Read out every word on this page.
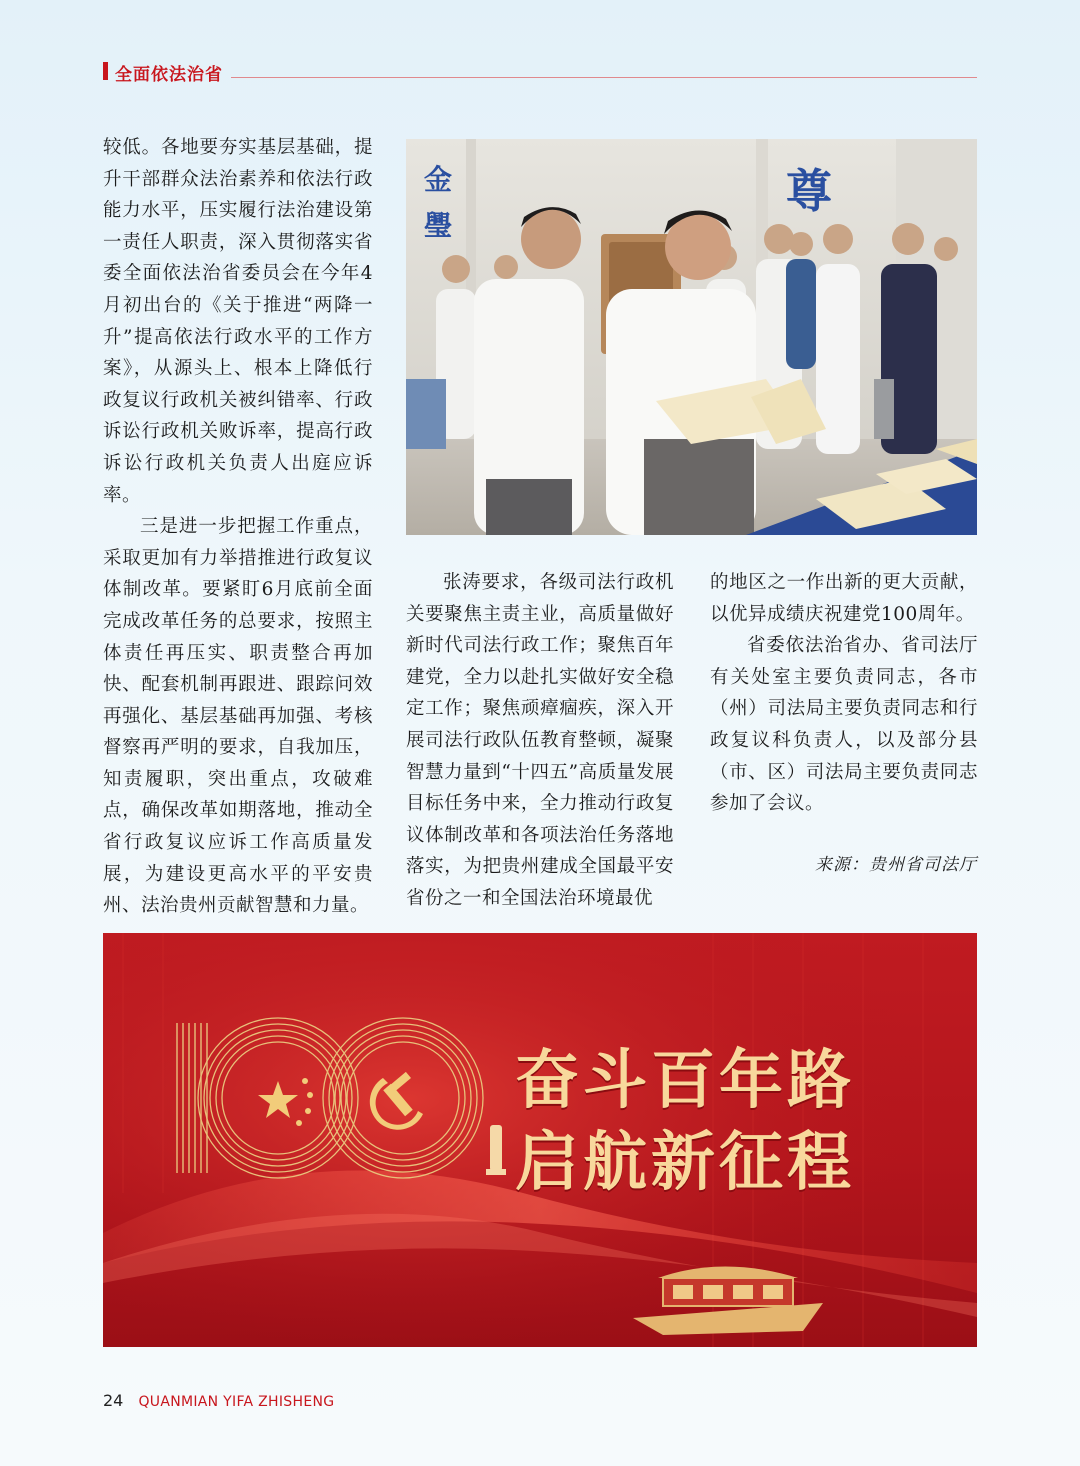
全面依法治省

较低。各地要夯实基层基础，提升干部群众法治素养和依法行政能力水平，压实履行法治建设第一责任人职责，深入贯彻落实省委全面依法治省委员会在今年4月初出台的《关于推进“两降一升”提高依法行政水平的工作方案》，从源头上、根本上降低行政复议行政机关被纠错率、行政诉讼行政机关败诉率，提高行政诉讼行政机关负责人出庭应诉率。

三是进一步把握工作重点，采取更加有力举措推进行政复议体制改革。要紧盯6月底前全面完成改革任务的总要求，按照主体责任再压实、职责整合再加快、配套机制再跟进、跟踪问效再强化、基层基础再加强、考核督察再严明的要求，自我加压，知责履职，突出重点，攻破难点，确保改革如期落地，推动全省行政复议应诉工作高质量发展，为建设更高水平的平安贵州、法治贵州贡献智慧和力量。

金
璺
尊

张涛要求，各级司法行政机关要聚焦主责主业，高质量做好新时代司法行政工作；聚焦百年建党，全力以赴扎实做好安全稳定工作；聚焦顽瘴痼疾，深入开展司法行政队伍教育整顿，凝聚智慧力量到“十四五”高质量发展目标任务中来，全力推动行政复议体制改革和各项法治任务落地落实，为把贵州建成全国最平安省份之一和全国法治环境最优

的地区之一作出新的更大贡献，以优异成绩庆祝建党100周年。

省委依法治省办、省司法厅有关处室主要负责同志，各市（州）司法局主要负责同志和行政复议科负责人，以及部分县（市、区）司法局主要负责同志参加了会议。

来源：贵州省司法厅
奋斗百年路
启航新征程
24 QUANMIAN YIFA ZHISHENG
